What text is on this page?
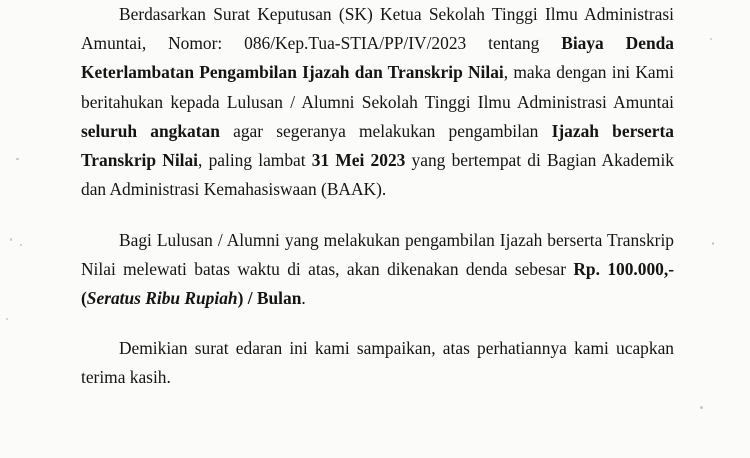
Berdasarkan Surat Keputusan (SK) Ketua Sekolah Tinggi Ilmu Administrasi
Amuntai, Nomor: 086/Kep.Tua-STIA/PP/IV/2023 tentang Biaya Denda
Keterlambatan Pengambilan Ijazah dan Transkrip Nilai, maka dengan ini Kami
beritahukan kepada Lulusan / Alumni Sekolah Tinggi Ilmu Administrasi Amuntai
seluruh angkatan agar segeranya melakukan pengambilan Ijazah berserta
Transkrip Nilai, paling lambat 31 Mei 2023 yang bertempat di Bagian Akademik
dan Administrasi Kemahasiswaan (BAAK).
Bagi Lulusan / Alumni yang melakukan pengambilan Ijazah berserta Transkrip
Nilai melewati batas waktu di atas, akan dikenakan denda sebesar Rp. 100.000,-
(Seratus Ribu Rupiah) / Bulan.
Demikian surat edaran ini kami sampaikan, atas perhatiannya kami ucapkan
terima kasih.
